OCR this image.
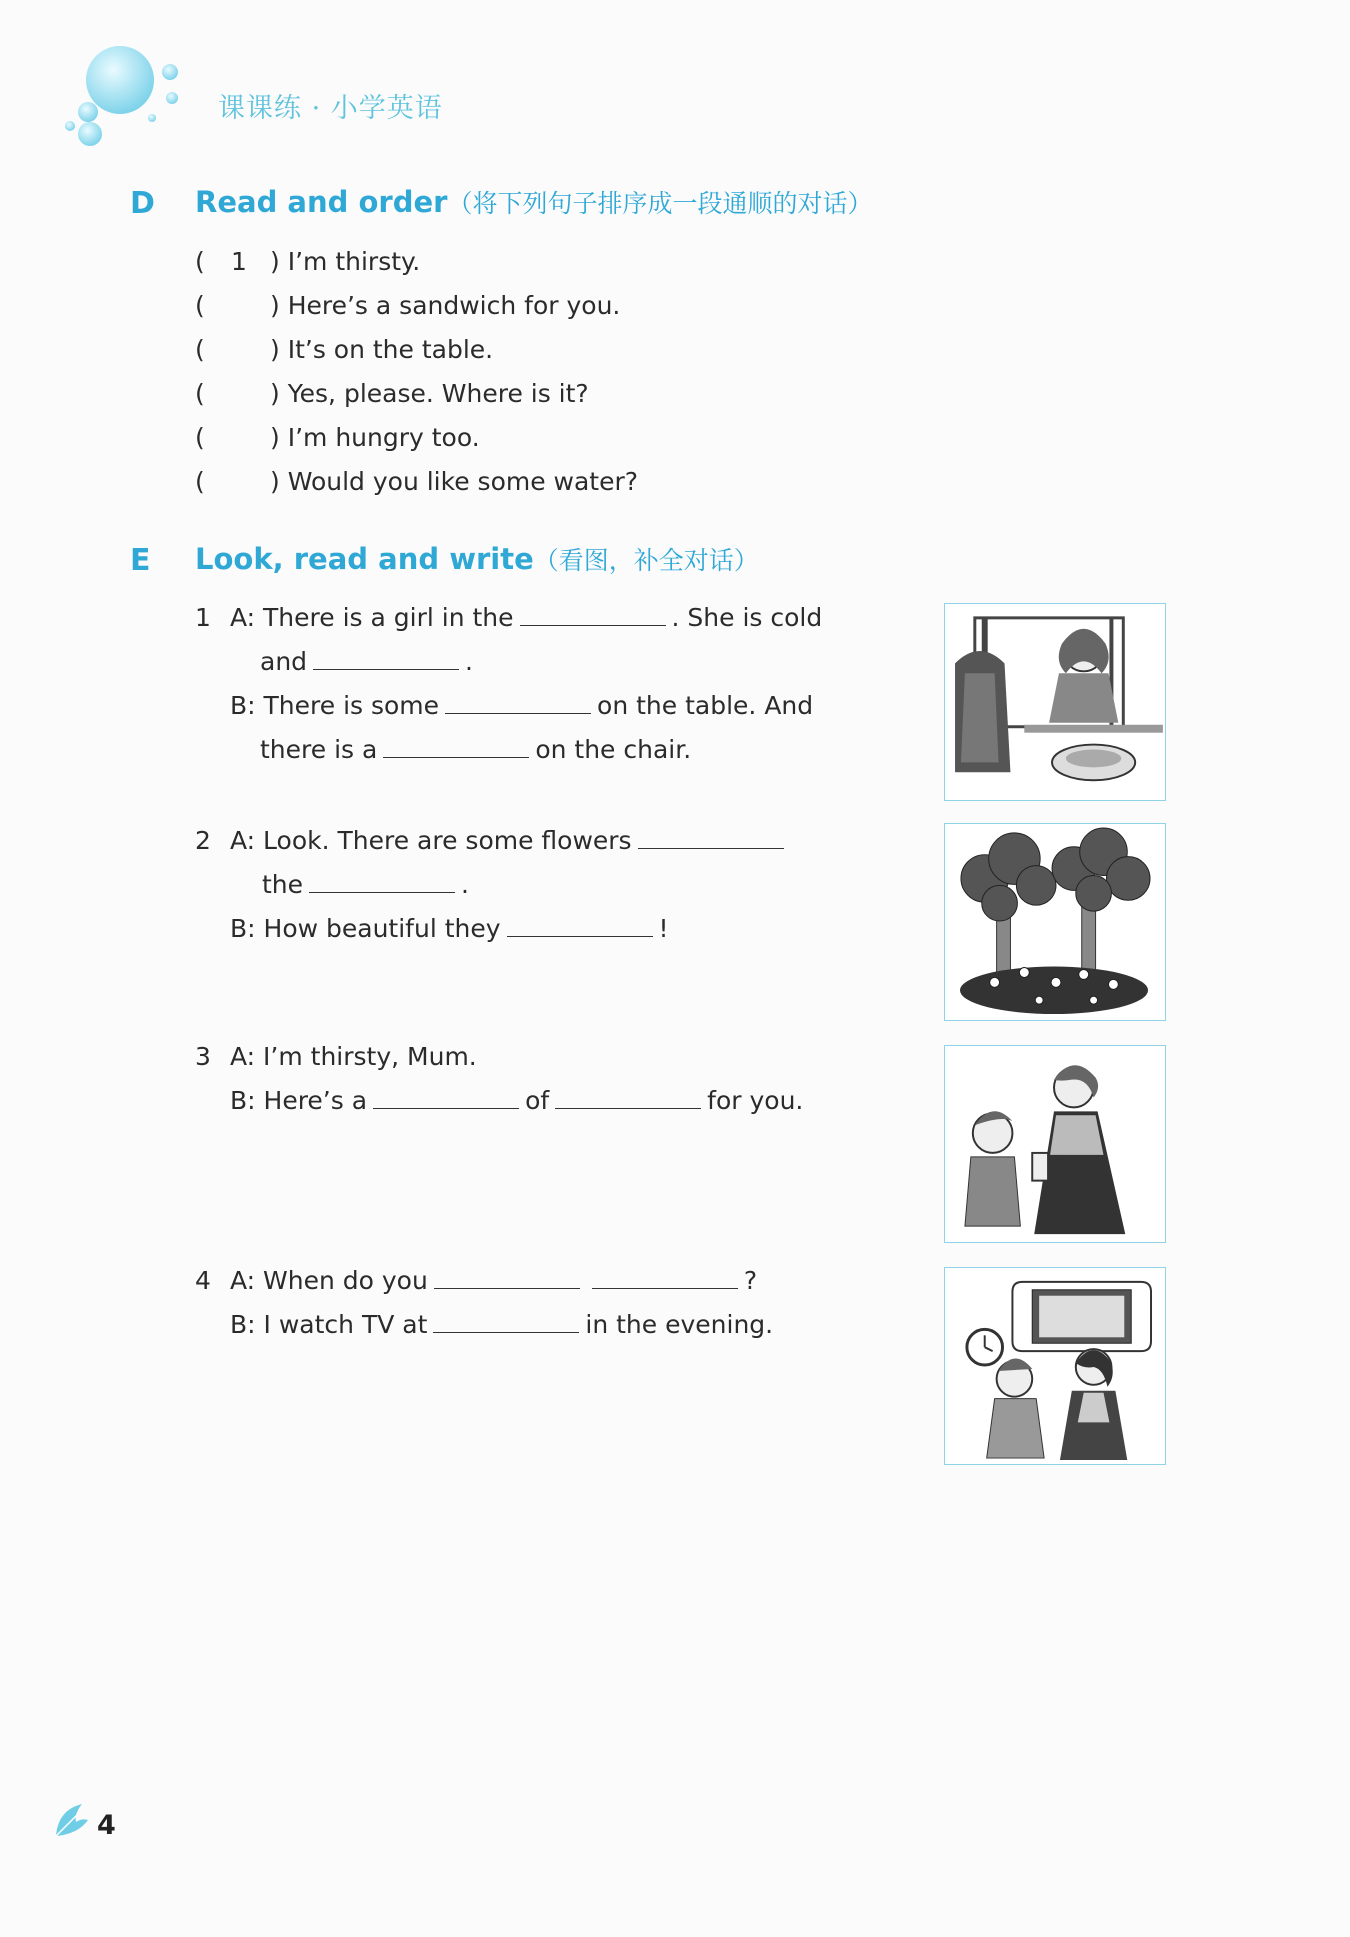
课课练 · 小学英语
D Read and order（将下列句子排序成一段通顺的对话）
( 1 ) I’m thirsty.
(	) Here’s a sandwich for you.
(	) It’s on the table.
(	) Yes, please. Where is it?
(	) I’m hungry too.
(	) Would you like some water?
E Look, read and write（看图，补全对话）
1 A: There is a girl in the	. She is cold
and	.
B: There is some	on the table. And
there is a	on the chair.
2 A: Look. There are some flowers
the	.
B: How beautiful they	!
3 A: I’m thirsty, Mum.
B: Here’s a	of	for you.
4 A: When do you	?
B: I watch TV at	in the evening.
4
